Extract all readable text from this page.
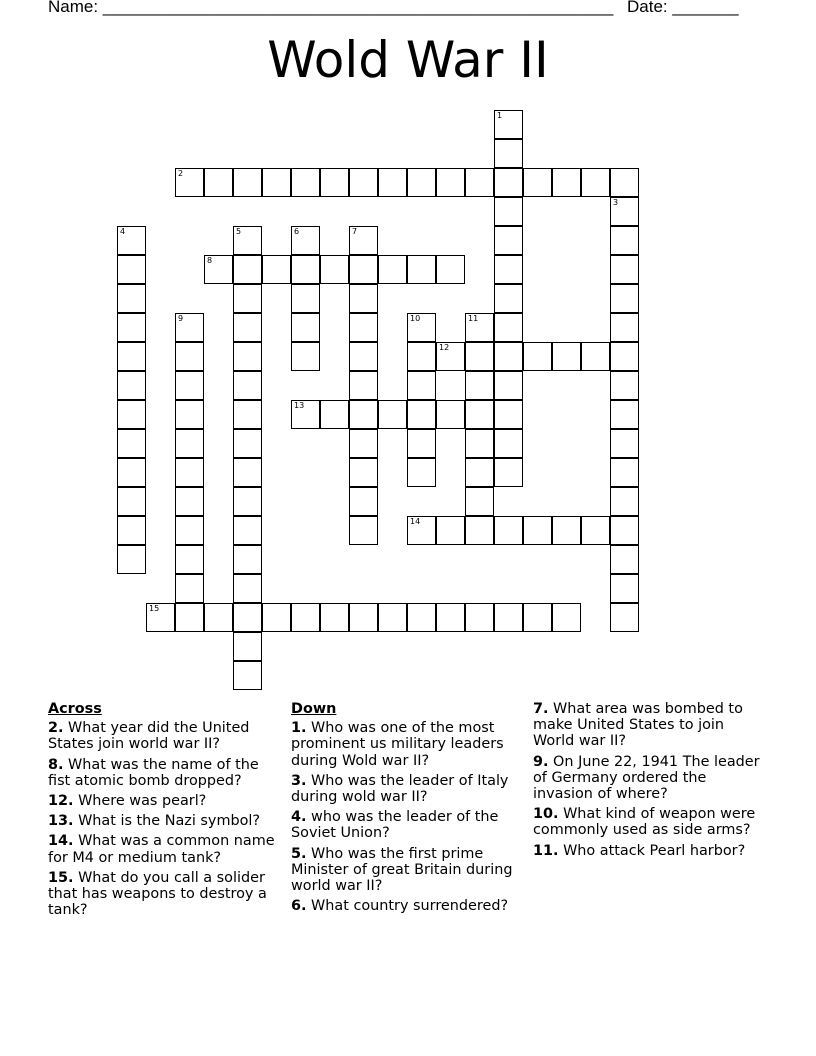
Name: ______________________________________________________ Date: _______
Wold War II
1
2
3
4	5	6	7
8
9	10	11
12
13
14
15
Across
2. What year did the United States join world war II?
8. What was the name of the fist atomic bomb dropped?
12. Where was pearl?
13. What is the Nazi symbol?
14. What was a common name for M4 or medium tank?
15. What do you call a solider that has weapons to destroy a tank?
Down
1. Who was one of the most prominent us military leaders during Wold war II?
3. Who was the leader of Italy during wold war II?
4. who was the leader of the Soviet Union?
5. Who was the first prime Minister of great Britain during world war II?
6. What country surrendered?
7. What area was bombed to make United States to join World war II?
9. On June 22, 1941 The leader of Germany ordered the invasion of where?
10. What kind of weapon were commonly used as side arms?
11. Who attack Pearl harbor?
